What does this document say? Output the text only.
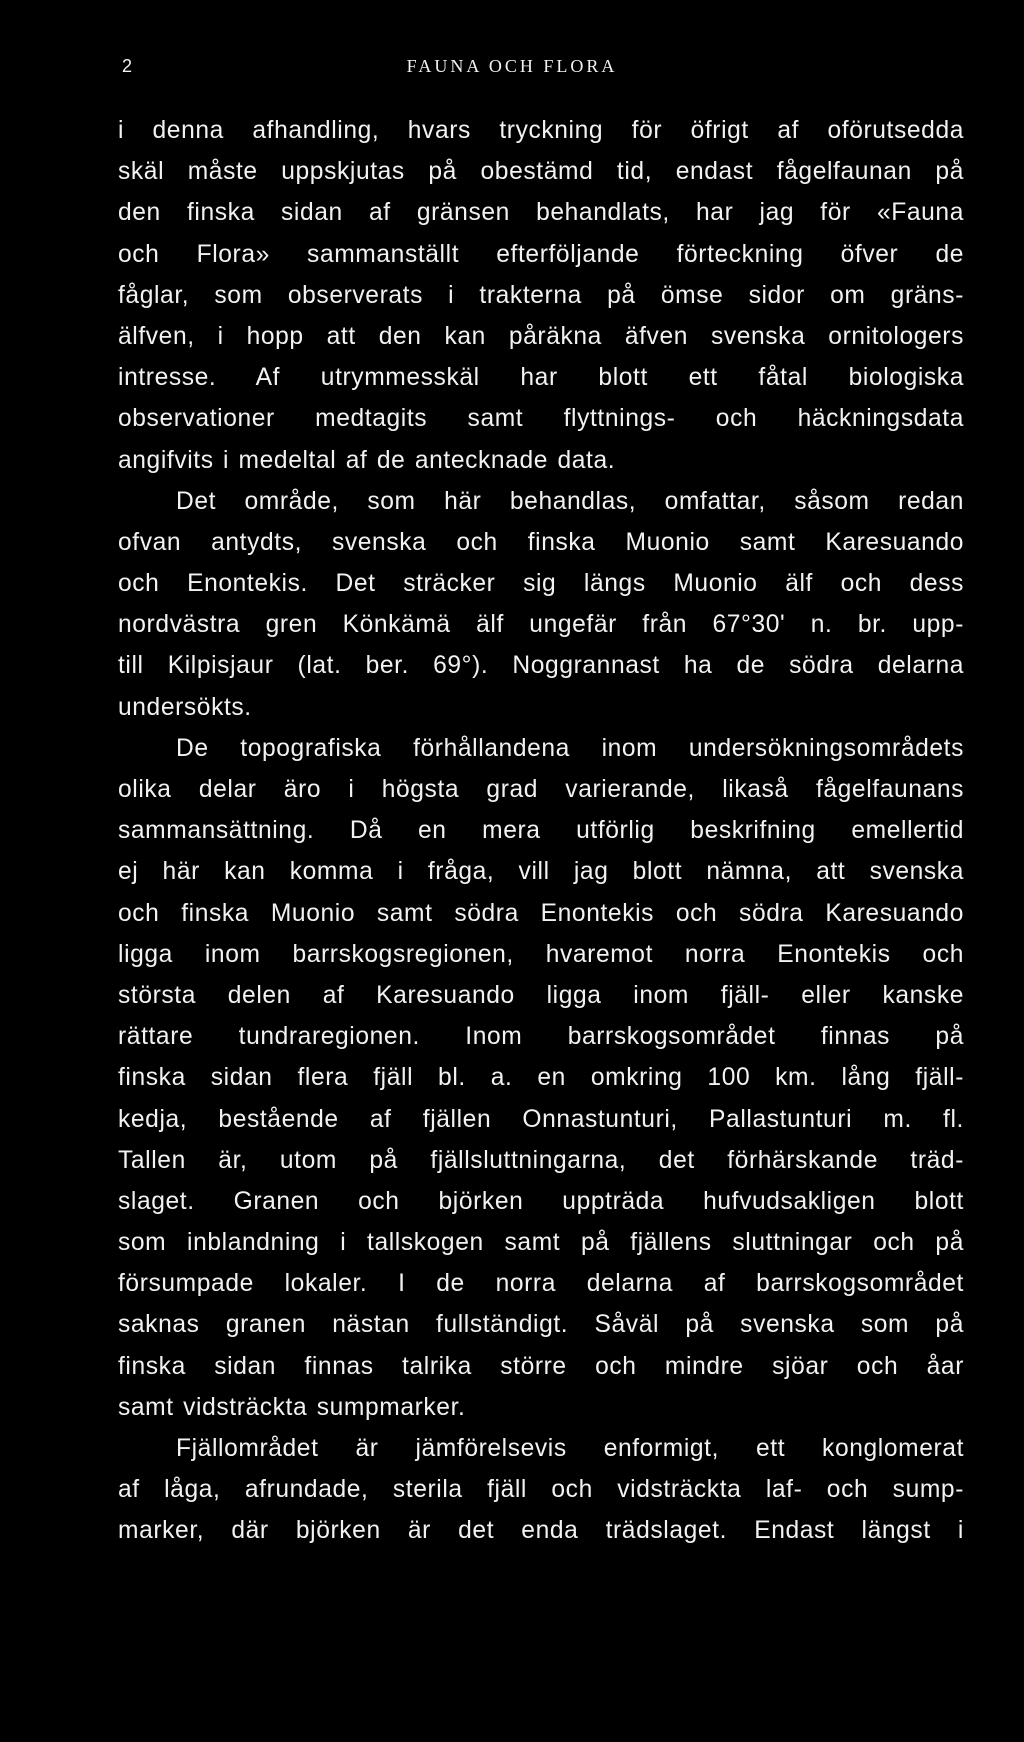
2	FAUNA OCH FLORA
i denna afhandling, hvars tryckning för öfrigt af oförutsedda
skäl måste uppskjutas på obestämd tid, endast fågelfaunan på
den finska sidan af gränsen behandlats, har jag för «Fauna
och Flora» sammanställt efterföljande förteckning öfver de
fåglar, som observerats i trakterna på ömse sidor om gräns-
älfven, i hopp att den kan påräkna äfven svenska ornitologers
intresse. Af utrymmesskäl har blott ett fåtal biologiska
observationer medtagits samt flyttnings- och häckningsdata
angifvits i medeltal af de antecknade data.
Det område, som här behandlas, omfattar, såsom redan
ofvan antydts, svenska och finska Muonio samt Karesuando
och Enontekis. Det sträcker sig längs Muonio älf och dess
nordvästra gren Könkämä älf ungefär från 67°30' n. br. upp-
till Kilpisjaur (lat. ber. 69°). Noggrannast ha de södra delarna
undersökts.
De topografiska förhållandena inom undersökningsområdets
olika delar äro i högsta grad varierande, likaså fågelfaunans
sammansättning. Då en mera utförlig beskrifning emellertid
ej här kan komma i fråga, vill jag blott nämna, att svenska
och finska Muonio samt södra Enontekis och södra Karesuando
ligga inom barrskogsregionen, hvaremot norra Enontekis och
största delen af Karesuando ligga inom fjäll- eller kanske
rättare tundraregionen. Inom barrskogsområdet finnas på
finska sidan flera fjäll bl. a. en omkring 100 km. lång fjäll-
kedja, bestående af fjällen Onnastunturi, Pallastunturi m. fl.
Tallen är, utom på fjällsluttningarna, det förhärskande träd-
slaget. Granen och björken uppträda hufvudsakligen blott
som inblandning i tallskogen samt på fjällens sluttningar och på
försumpade lokaler. I de norra delarna af barrskogsområdet
saknas granen nästan fullständigt. Såväl på svenska som på
finska sidan finnas talrika större och mindre sjöar och åar
samt vidsträckta sumpmarker.
Fjällområdet är jämförelsevis enformigt, ett konglomerat
af låga, afrundade, sterila fjäll och vidsträckta laf- och sump-
marker, där björken är det enda trädslaget. Endast längst i
